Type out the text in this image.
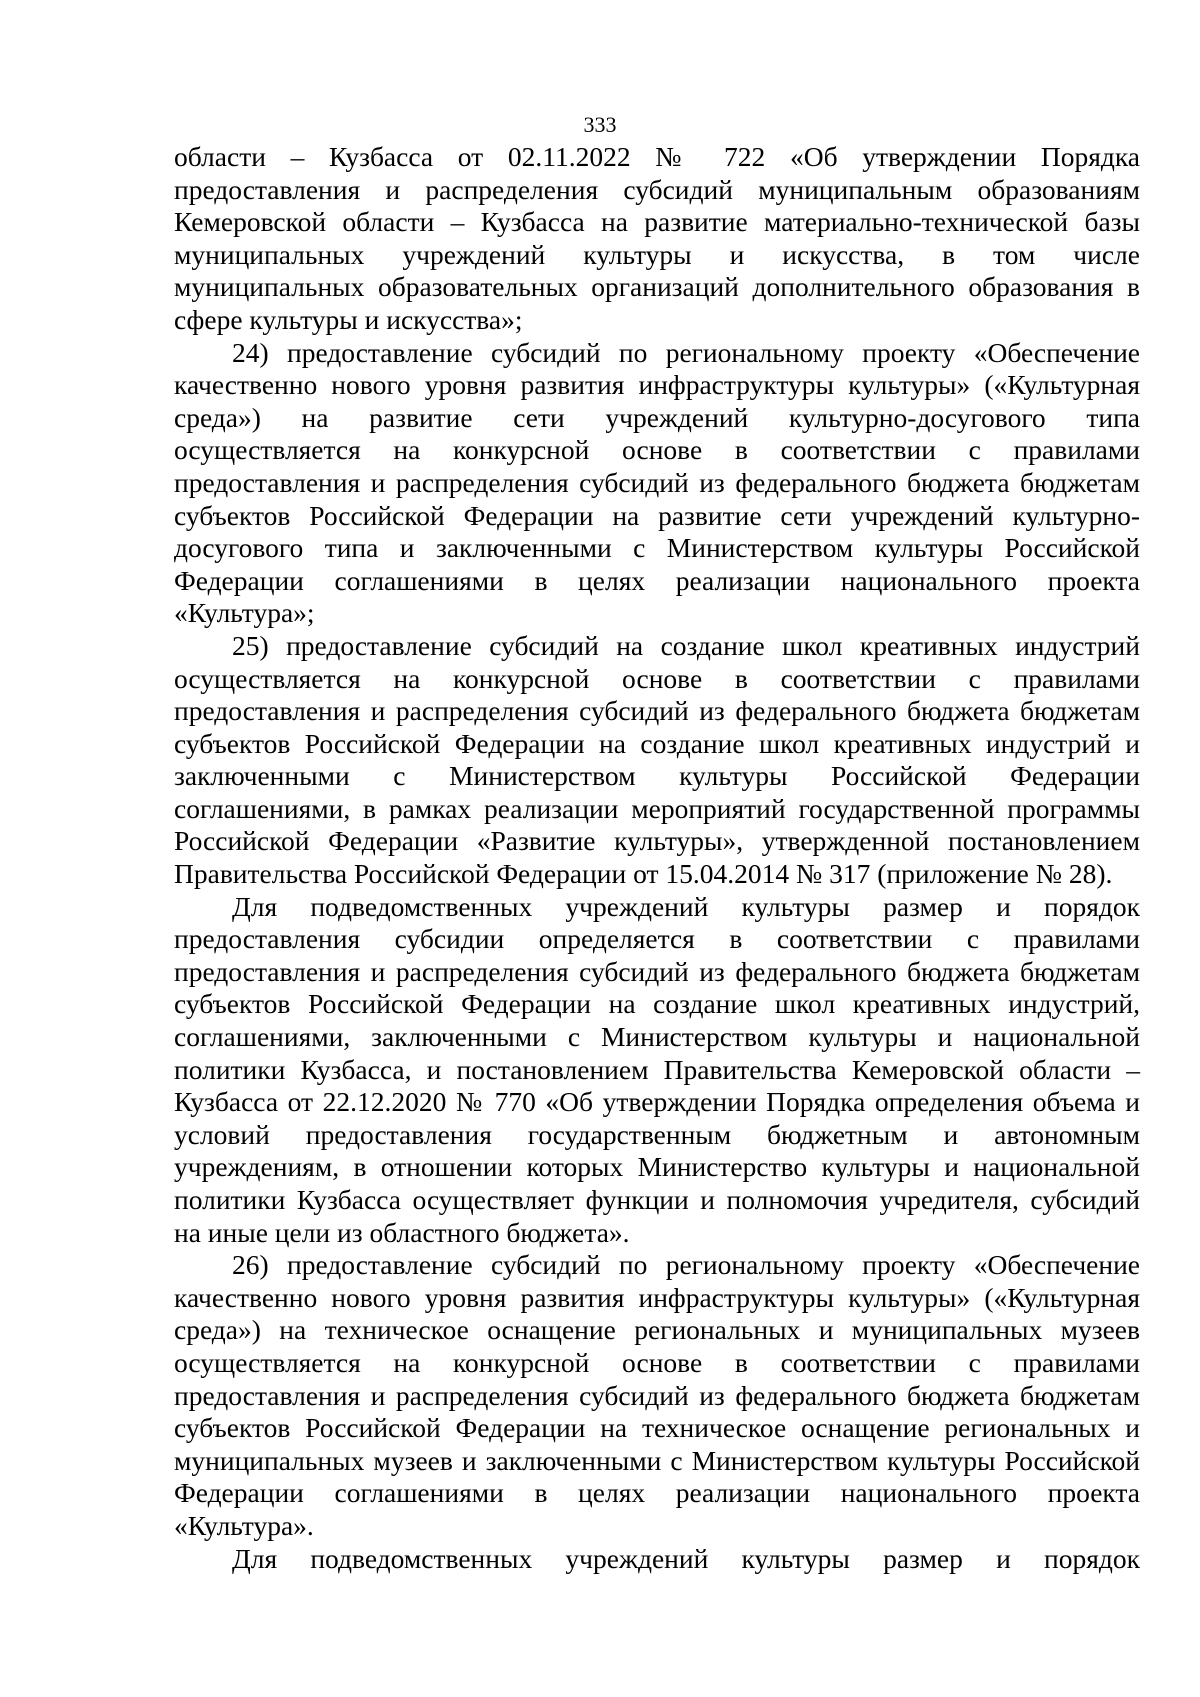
333
области – Кузбасса от 02.11.2022 № 722 «Об утверждении Порядка
предоставления и распределения субсидий муниципальным образованиям
Кемеровской области – Кузбасса на развитие материально-технической базы
муниципальных учреждений культуры и искусства, в том числе
муниципальных образовательных организаций дополнительного образования в
сфере культуры и искусства»;
24) предоставление субсидий по региональному проекту «Обеспечение
качественно нового уровня развития инфраструктуры культуры» («Культурная
среда») на развитие сети учреждений культурно-досугового типа
осуществляется на конкурсной основе в соответствии с правилами
предоставления и распределения субсидий из федерального бюджета бюджетам
субъектов Российской Федерации на развитие сети учреждений культурно-
досугового типа и заключенными с Министерством культуры Российской
Федерации соглашениями в целях реализации национального проекта
«Культура»;
25) предоставление субсидий на создание школ креативных индустрий
осуществляется на конкурсной основе в соответствии с правилами
предоставления и распределения субсидий из федерального бюджета бюджетам
субъектов Российской Федерации на создание школ креативных индустрий и
заключенными с Министерством культуры Российской Федерации
соглашениями, в рамках реализации мероприятий государственной программы
Российской Федерации «Развитие культуры», утвержденной постановлением
Правительства Российской Федерации от 15.04.2014 № 317 (приложение № 28).
Для подведомственных учреждений культуры размер и порядок
предоставления субсидии определяется в соответствии с правилами
предоставления и распределения субсидий из федерального бюджета бюджетам
субъектов Российской Федерации на создание школ креативных индустрий,
соглашениями, заключенными с Министерством культуры и национальной
политики Кузбасса, и постановлением Правительства Кемеровской области –
Кузбасса от 22.12.2020 № 770 «Об утверждении Порядка определения объема и
условий предоставления государственным бюджетным и автономным
учреждениям, в отношении которых Министерство культуры и национальной
политики Кузбасса осуществляет функции и полномочия учредителя, субсидий
на иные цели из областного бюджета».
26) предоставление субсидий по региональному проекту «Обеспечение
качественно нового уровня развития инфраструктуры культуры» («Культурная
среда») на техническое оснащение региональных и муниципальных музеев
осуществляется на конкурсной основе в соответствии с правилами
предоставления и распределения субсидий из федерального бюджета бюджетам
субъектов Российской Федерации на техническое оснащение региональных и
муниципальных музеев и заключенными с Министерством культуры Российской
Федерации соглашениями в целях реализации национального проекта
«Культура».
Для подведомственных учреждений культуры размер и порядок
